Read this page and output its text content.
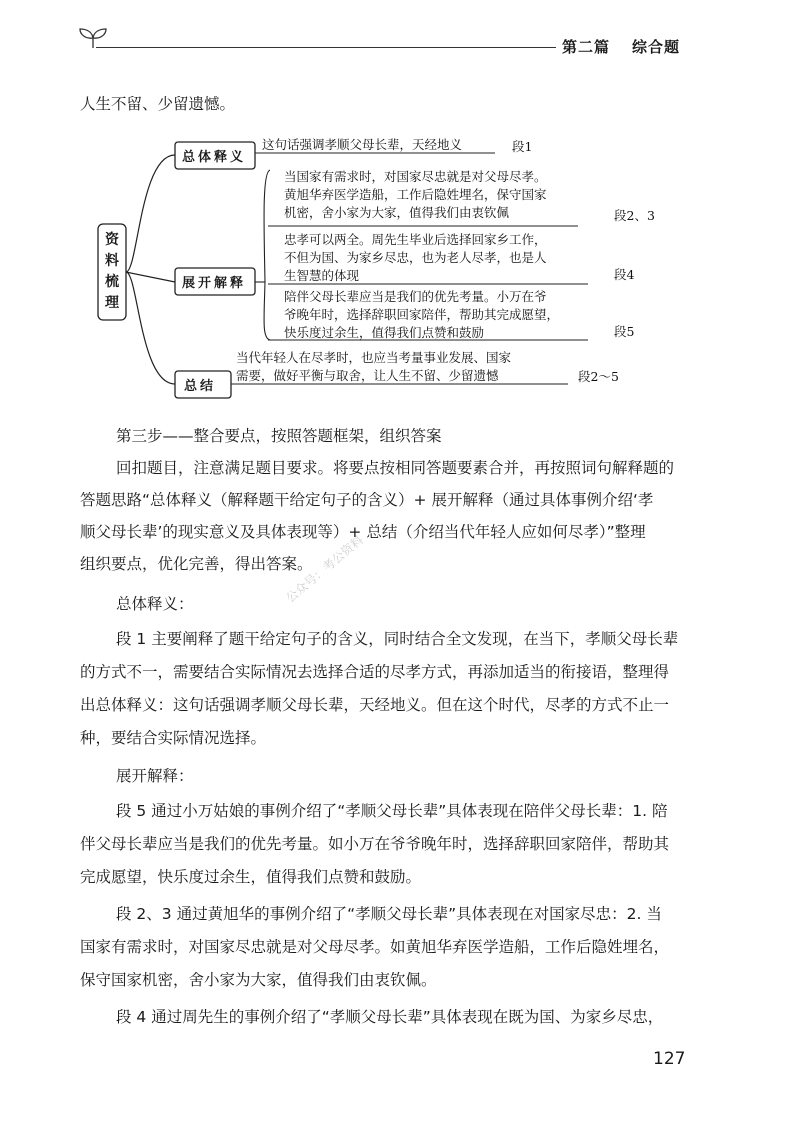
第二篇 综合题
人生不留、少留遗憾。
资
料
梳
理
总体释义
这句话强调孝顺父母长辈，天经地义	段1
展开解释
当国家有需求时，对国家尽忠就是对父母尽孝。
黄旭华弃医学造船，工作后隐姓埋名，保守国家
机密，舍小家为大家，值得我们由衷钦佩	段2、3
忠孝可以两全。周先生毕业后选择回家乡工作，
不但为国、为家乡尽忠，也为老人尽孝，也是人
生智慧的体现	段4
陪伴父母长辈应当是我们的优先考量。小万在爷
爷晚年时，选择辞职回家陪伴，帮助其完成愿望，
快乐度过余生，值得我们点赞和鼓励	段5
总结
当代年轻人在尽孝时，也应当考量事业发展、国家
需要，做好平衡与取舍，让人生不留、少留遗憾	段2～5
第三步——整合要点，按照答题框架，组织答案
回扣题目，注意满足题目要求。将要点按相同答题要素合并，再按照词句解释题的
答题思路“总体释义（解释题干给定句子的含义）+ 展开解释（通过具体事例介绍‘孝
顺父母长辈’的现实意义及具体表现等）+ 总结（介绍当代年轻人应如何尽孝）”整理
组织要点，优化完善，得出答案。
总体释义：
段 1 主要阐释了题干给定句子的含义，同时结合全文发现，在当下，孝顺父母长辈
的方式不一，需要结合实际情况去选择合适的尽孝方式，再添加适当的衔接语，整理得
出总体释义：这句话强调孝顺父母长辈，天经地义。但在这个时代，尽孝的方式不止一
种，要结合实际情况选择。
展开解释：
段 5 通过小万姑娘的事例介绍了“孝顺父母长辈”具体表现在陪伴父母长辈：1. 陪
伴父母长辈应当是我们的优先考量。如小万在爷爷晚年时，选择辞职回家陪伴，帮助其
完成愿望，快乐度过余生，值得我们点赞和鼓励。
段 2、3 通过黄旭华的事例介绍了“孝顺父母长辈”具体表现在对国家尽忠：2. 当
国家有需求时，对国家尽忠就是对父母尽孝。如黄旭华弃医学造船，工作后隐姓埋名，
保守国家机密，舍小家为大家，值得我们由衷钦佩。
段 4 通过周先生的事例介绍了“孝顺父母长辈”具体表现在既为国、为家乡尽忠，
公众号：考公资料
127
